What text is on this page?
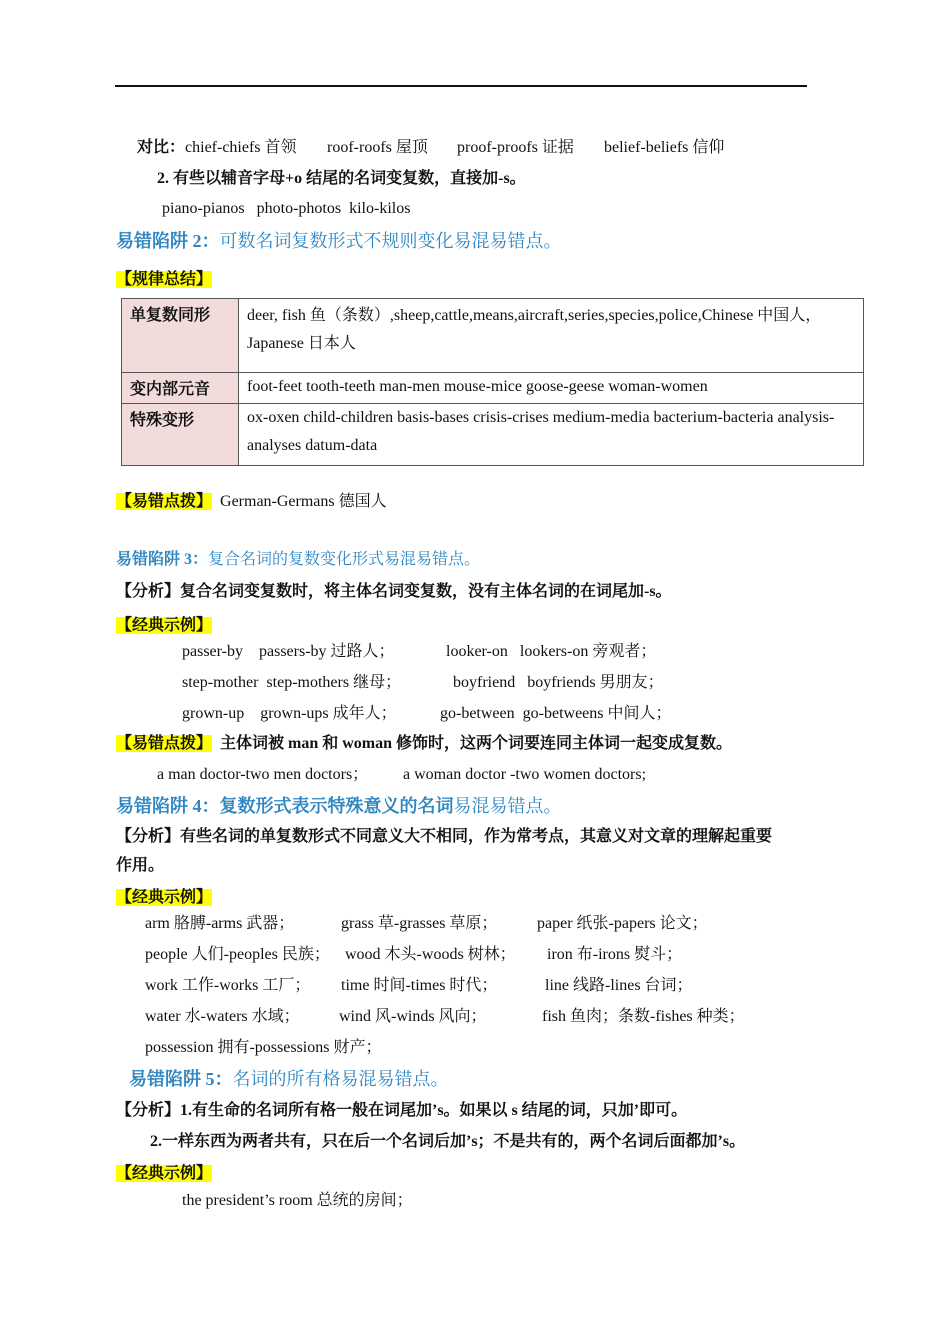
对比：chief-chiefs 首领 roof-roofs 屋顶 proof-proofs 证据 belief-beliefs 信仰
2. 有些以辅音字母+o 结尾的名词变复数，直接加-s。
piano-pianos   photo-photos  kilo-kilos
易错陷阱 2：可数名词复数形式不规则变化易混易错点。
【规律总结】
单复数同形	deer, fish 鱼（条数）,sheep,cattle,means,aircraft,series,species,police,Chinese 中国人，Japanese 日本人
变内部元音	foot-feet tooth-teeth man-men mouse-mice goose-geese woman-women
特殊变形	ox-oxen child-children basis-bases crisis-crises medium-media bacterium-bacteria analysis-analyses datum-data
【易错点拨】 German-Germans 德国人
易错陷阱 3：复合名词的复数变化形式易混易错点。
【分析】复合名词变复数时，将主体名词变复数，没有主体名词的在词尾加-s。
【经典示例】
passer-by    passers-by 过路人；	looker-on   lookers-on 旁观者；
step-mother  step-mothers 继母；	boyfriend   boyfriends 男朋友；
grown-up    grown-ups 成年人；	go-between  go-betweens 中间人；
【易错点拨】 主体词被 man 和 woman 修饰时，这两个词要连同主体词一起变成复数。
a man doctor-two men doctors； a woman doctor -two women doctors;
易错陷阱 4：复数形式表示特殊意义的名词易混易错点。
【分析】有些名词的单复数形式不同意义大不相同，作为常考点，其意义对文章的理解起重要
作用。
【经典示例】
arm 胳膊-arms 武器；	grass 草-grasses 草原； paper 纸张-papers 论文；
people 人们-peoples 民族； wood 木头-woods 树林； iron 布-irons 熨斗；
work 工作-works 工厂； time 时间-times 时代；	line 线路-lines 台词；
water 水-waters 水域； wind 风-winds 风向；	fish 鱼肉；条数-fishes 种类；
possession 拥有-possessions 财产；
易错陷阱 5：名词的所有格易混易错点。
【分析】1.有生命的名词所有格一般在词尾加’s。如果以 s 结尾的词，只加’即可。
2.一样东西为两者共有，只在后一个名词后加’s；不是共有的，两个名词后面都加’s。
【经典示例】
the president’s room 总统的房间；
